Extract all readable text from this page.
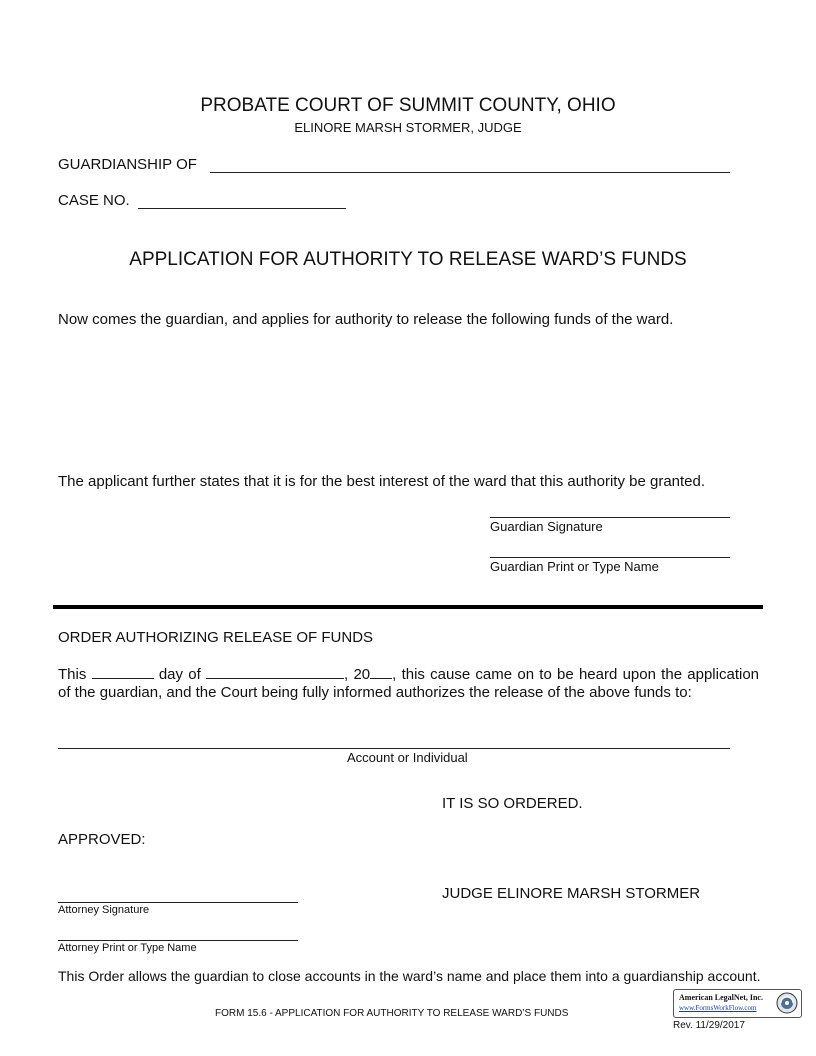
PROBATE COURT OF SUMMIT COUNTY, OHIO
ELINORE MARSH STORMER, JUDGE
GUARDIANSHIP OF
CASE NO.
APPLICATION FOR AUTHORITY TO RELEASE WARD’S FUNDS
Now comes the guardian, and applies for authority to release the following funds of the ward.
The applicant further states that it is for the best interest of the ward that this authority be granted.
Guardian Signature
Guardian Print or Type Name
ORDER AUTHORIZING RELEASE OF FUNDS
This	day of	, 20 , this cause came on to be heard upon the application of the guardian, and the Court being fully informed authorizes the release of the above funds to:
Account or Individual
IT IS SO ORDERED.
APPROVED:
JUDGE ELINORE MARSH STORMER
Attorney Signature
Attorney Print or Type Name
This Order allows the guardian to close accounts in the ward’s name and place them into a guardianship account.
FORM 15.6 - APPLICATION FOR AUTHORITY TO RELEASE WARD’S FUNDS
Rev. 11/29/2017
American LegalNet, Inc.
www.FormsWorkFlow.com
